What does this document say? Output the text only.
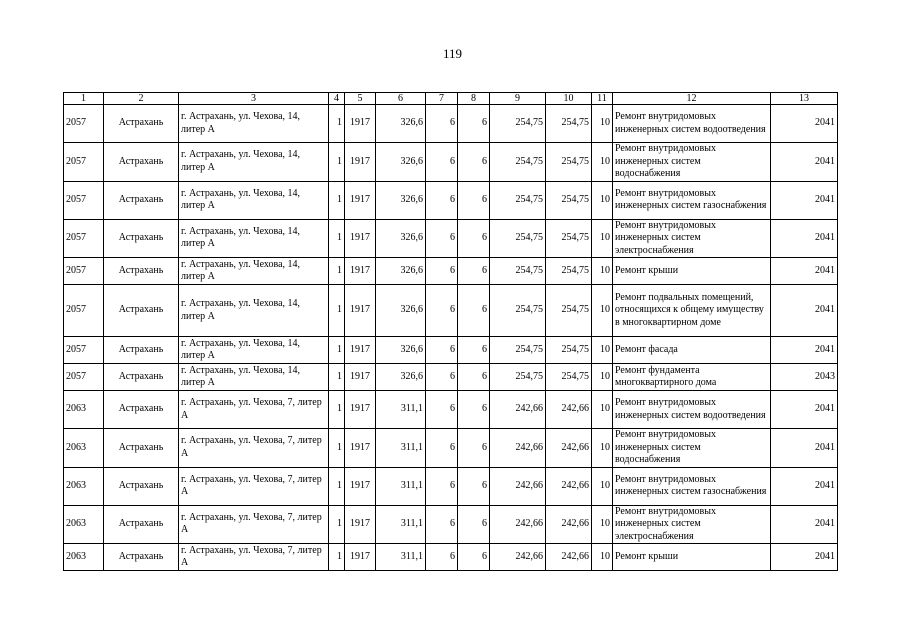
119
1	2	3	4	5	6	7	8	9	10	11	12	13
2057	Астрахань	г. Астрахань, ул. Чехова, 14, литер А	1	1917	326,6	6	6	254,75	254,75	10	Ремонт внутридомовых инженерных систем водоотведения	2041
2057	Астрахань	г. Астрахань, ул. Чехова, 14, литер А	1	1917	326,6	6	6	254,75	254,75	10	Ремонт внутридомовых инженерных систем водоснабжения	2041
2057	Астрахань	г. Астрахань, ул. Чехова, 14, литер А	1	1917	326,6	6	6	254,75	254,75	10	Ремонт внутридомовых инженерных систем газоснабжения	2041
2057	Астрахань	г. Астрахань, ул. Чехова, 14, литер А	1	1917	326,6	6	6	254,75	254,75	10	Ремонт внутридомовых инженерных систем электроснабжения	2041
2057	Астрахань	г. Астрахань, ул. Чехова, 14, литер А	1	1917	326,6	6	6	254,75	254,75	10	Ремонт крыши	2041
2057	Астрахань	г. Астрахань, ул. Чехова, 14, литер А	1	1917	326,6	6	6	254,75	254,75	10	Ремонт подвальных помещений, относящихся к общему имуществу в многоквартирном доме	2041
2057	Астрахань	г. Астрахань, ул. Чехова, 14, литер А	1	1917	326,6	6	6	254,75	254,75	10	Ремонт фасада	2041
2057	Астрахань	г. Астрахань, ул. Чехова, 14, литер А	1	1917	326,6	6	6	254,75	254,75	10	Ремонт фундамента многоквартирного дома	2043
2063	Астрахань	г. Астрахань, ул. Чехова, 7, литер А	1	1917	311,1	6	6	242,66	242,66	10	Ремонт внутридомовых инженерных систем водоотведения	2041
2063	Астрахань	г. Астрахань, ул. Чехова, 7, литер А	1	1917	311,1	6	6	242,66	242,66	10	Ремонт внутридомовых инженерных систем водоснабжения	2041
2063	Астрахань	г. Астрахань, ул. Чехова, 7, литер А	1	1917	311,1	6	6	242,66	242,66	10	Ремонт внутридомовых инженерных систем газоснабжения	2041
2063	Астрахань	г. Астрахань, ул. Чехова, 7, литер А	1	1917	311,1	6	6	242,66	242,66	10	Ремонт внутридомовых инженерных систем электроснабжения	2041
2063	Астрахань	г. Астрахань, ул. Чехова, 7, литер А	1	1917	311,1	6	6	242,66	242,66	10	Ремонт крыши	2041
